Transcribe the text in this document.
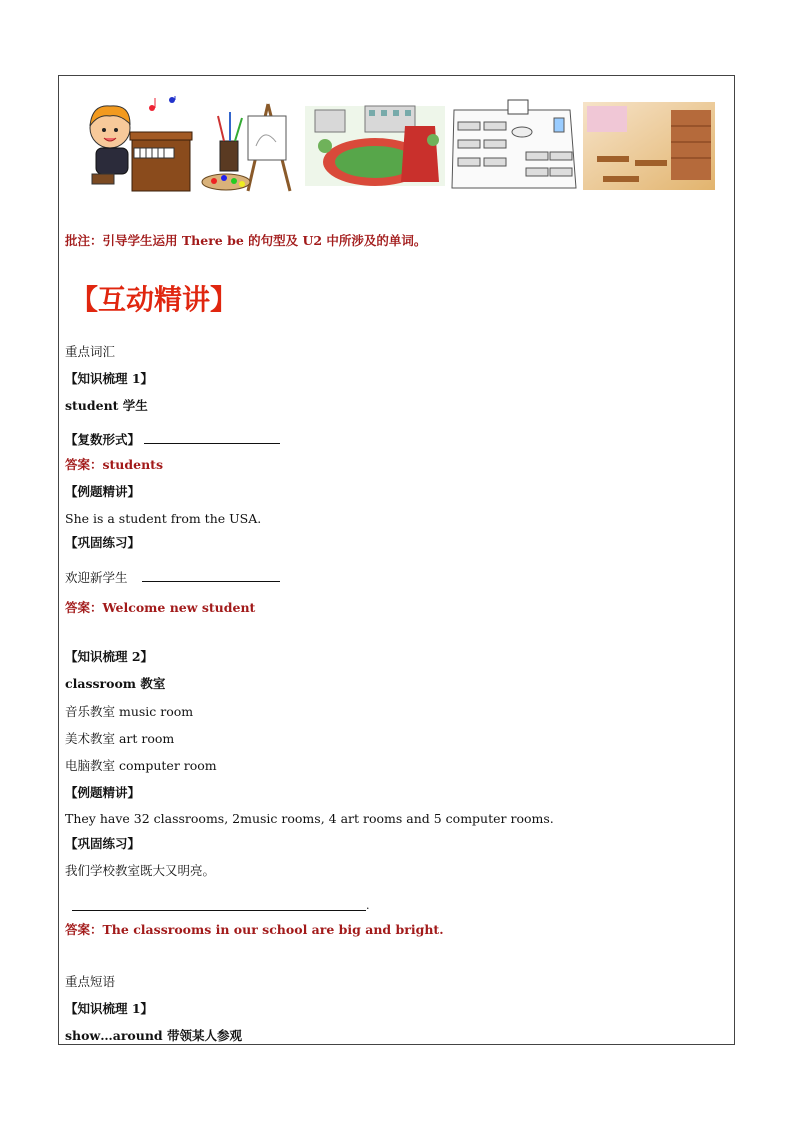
批注：引导学生运用 There be 的句型及 U2 中所涉及的单词。
【互动精讲】
重点词汇
【知识梳理 1】
student 学生
【复数形式】
答案：students
【例题精讲】
She is a student from the USA.
【巩固练习】
欢迎新学生
答案：Welcome new student
【知识梳理 2】
classroom 教室
音乐教室 music room
美术教室 art room
电脑教室 computer room
【例题精讲】
They have 32 classrooms, 2music rooms, 4 art rooms and 5 computer rooms.
【巩固练习】
我们学校教室既大又明亮。
.
答案：The classrooms in our school are big and bright.
重点短语
【知识梳理 1】
show…around 带领某人参观
